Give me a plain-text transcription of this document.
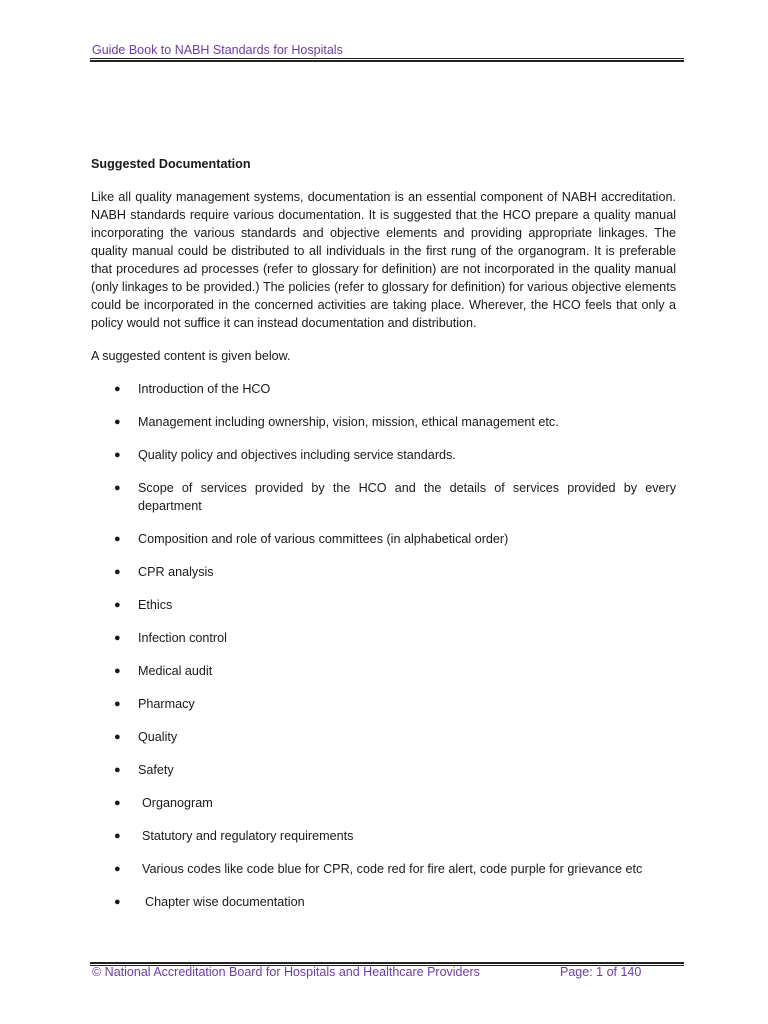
Guide Book to NABH Standards for Hospitals
Suggested Documentation
Like all quality management systems, documentation is an essential component of NABH accreditation. NABH standards require various documentation. It is suggested that the HCO prepare a quality manual incorporating the various standards and objective elements and providing appropriate linkages. The quality manual could be distributed to all individuals in the first rung of the organogram. It is preferable that procedures ad processes (refer to glossary for definition) are not incorporated in the quality manual (only linkages to be provided.) The policies (refer to glossary for definition) for various objective elements could be incorporated in the concerned activities are taking place. Wherever, the HCO feels that only a policy would not suffice it can instead documentation and distribution.
A suggested content is given below.
● Introduction of the HCO
● Management including ownership, vision, mission, ethical management etc.
● Quality policy and objectives including service standards.
● Scope of services provided by the HCO and the details of services provided by every department
● Composition and role of various committees (in alphabetical order)
● CPR analysis
● Ethics
● Infection control
● Medical audit
● Pharmacy
● Quality
● Safety
● Organogram
● Statutory and regulatory requirements
● Various codes like code blue for CPR, code red for fire alert, code purple for grievance etc
● Chapter wise documentation
© National Accreditation Board for Hospitals and Healthcare Providers	Page: 1 of 140
